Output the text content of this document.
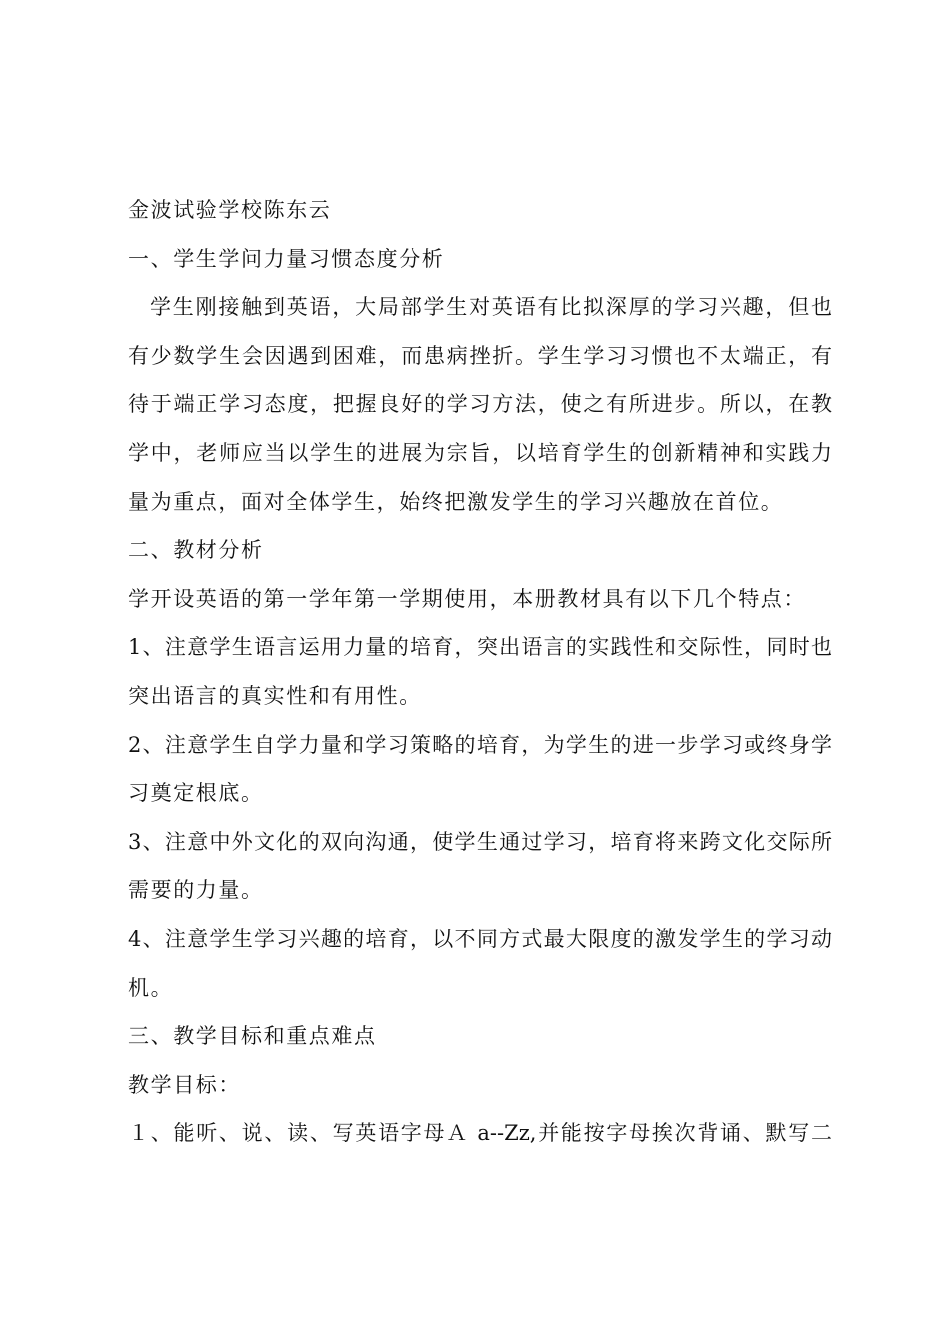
金波试验学校陈东云

一、学生学问力量习惯态度分析

学生刚接触到英语，大局部学生对英语有比拟深厚的学习兴趣，但也

有少数学生会因遇到困难，而患病挫折。学生学习习惯也不太端正，有

待于端正学习态度，把握良好的学习方法，使之有所进步。所以，在教

学中，老师应当以学生的进展为宗旨，以培育学生的创新精神和实践力

量为重点，面对全体学生，始终把激发学生的学习兴趣放在首位。

二、教材分析

学开设英语的第一学年第一学期使用，本册教材具有以下几个特点：

1、注意学生语言运用力量的培育，突出语言的实践性和交际性，同时也

突出语言的真实性和有用性。

2、注意学生自学力量和学习策略的培育，为学生的进一步学习或终身学

习奠定根底。

3、注意中外文化的双向沟通，使学生通过学习，培育将来跨文化交际所

需要的力量。

4、注意学生学习兴趣的培育，以不同方式最大限度的激发学生的学习动

机。

三、教学目标和重点难点

教学目标：

１、能听、说、读、写英语字母Ａ a--Zz,并能按字母挨次背诵、默写二
